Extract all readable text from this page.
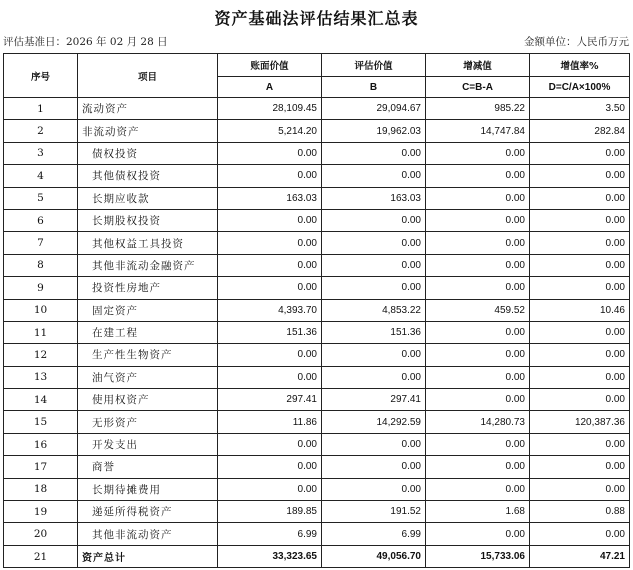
资产基础法评估结果汇总表
评估基准日：2026 年 02 月 28 日	金额单位：人民币万元
序号	项目	账面价值	评估价值	增减值	增值率%
		A	B	C=B-A	D=C/A×100%
1	流动资产	28,109.45	29,094.67	985.22	3.50
2	非流动资产	5,214.20	19,962.03	14,747.84	282.84
3	债权投资	0.00	0.00	0.00	0.00
4	其他债权投资	0.00	0.00	0.00	0.00
5	长期应收款	163.03	163.03	0.00	0.00
6	长期股权投资	0.00	0.00	0.00	0.00
7	其他权益工具投资	0.00	0.00	0.00	0.00
8	其他非流动金融资产	0.00	0.00	0.00	0.00
9	投资性房地产	0.00	0.00	0.00	0.00
10	固定资产	4,393.70	4,853.22	459.52	10.46
11	在建工程	151.36	151.36	0.00	0.00
12	生产性生物资产	0.00	0.00	0.00	0.00
13	油气资产	0.00	0.00	0.00	0.00
14	使用权资产	297.41	297.41	0.00	0.00
15	无形资产	11.86	14,292.59	14,280.73	120,387.36
16	开发支出	0.00	0.00	0.00	0.00
17	商誉	0.00	0.00	0.00	0.00
18	长期待摊费用	0.00	0.00	0.00	0.00
19	递延所得税资产	189.85	191.52	1.68	0.88
20	其他非流动资产	6.99	6.99	0.00	0.00
21	资产总计	33,323.65	49,056.70	15,733.06	47.21
